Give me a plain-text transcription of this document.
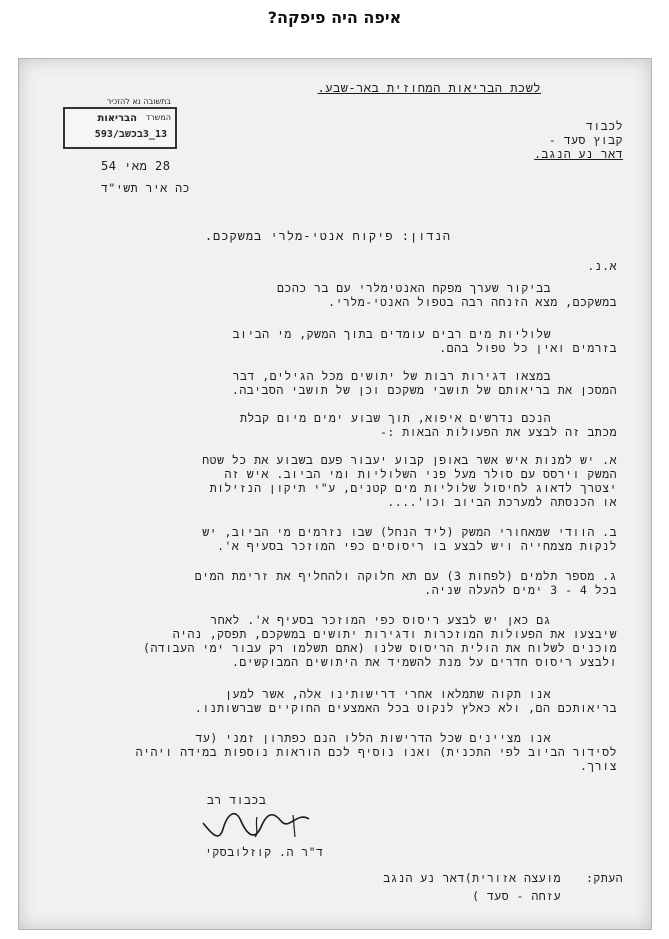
איפה היה פיפקה?
לשכת הבריאות המחוזית באר-שבע.
בתשובה נא להזכיר
המשרד
הבריאות
13_3בכשב/593
לכבוד
קבוץ סעד -
דאר נע הנגב.
28 מאי 54
כה איר תשי"ד
הנדון: פיקוח אנטי-מלרי במשקכם.
א.נ.
בביקור שערך מפקח האנטימלרי עם בר כהכם
במשקכם, מצא הזנחה רבה בטפול האנטי-מלרי.
שלוליות מים רבים עומדים בתוך המשק, מי הביוב
בזרמים ואין כל טפול בהם.
במצאו דגירות רבות של יתושים מכל הגילים, דבר
המסכן את בריאותם של תושבי משקכם וכן של תושבי הסביבה.
הנכם נדרשים איפוא, תוך שבוע ימים מיום קבלת
מכתב זה לבצע את הפעולות הבאות :-
א. יש למנות איש אשר באופן קבוע יעבור פעם בשבוע את כל שטח
המשק וירסס עם סולר מעל פני השלוליות ומי הביוב. איש זה
יצטרך לדאוג לחיסול שלוליות מים קטנים, ע"י תיקון הנזילות
או הכנסתה למערכת הביוב וכו'....
ב. הוודי שמאחורי המשק (ליד הנחל) שבו נזרמים מי הביוב, יש
לנקות מצמחייה ויש לבצע בו ריסוסים כפי המוזכר בסעיף א'.
ג. מספר תלמים (לפחות 3) עם תא חלוקה ולהחליף את זרימת המים
בכל 4 - 3 ימים להעלה שניה.
גם כאן יש לבצע ריסוס כפי המוזכר בסעיף א'. לאחר
שיבצעו את הפעולות המוזכרות ודגירות יתושים במשקכם, תפסק, נהיה
מוכנים לשלוח את הולית הריסוס שלנו (אתם תשלמו רק עבור ימי העבודה)
ולבצע ריסוס חדרים על מנת להשמיד את היתושים המבוקשים.
אנו תקוה שתמלאו אחרי דרישותינו אלה, אשר למען
בריאותכם הם, ולא כאלץ לנקוט בכל האמצעים החוקיים שברשותנו.
אנו מציינים שכל הדרישות הללו הנם כפתרון זמני (עד
לסידור הביוב לפי התכנית) ואנו נוסיף לכם הוראות נוספות במידה ויהיה
צורך.
בכבוד רב
ד"ר ה. קוזלובסקי
העתק:
מועצה אזורית)דאר נע הנגב
עזחה - סעד )
